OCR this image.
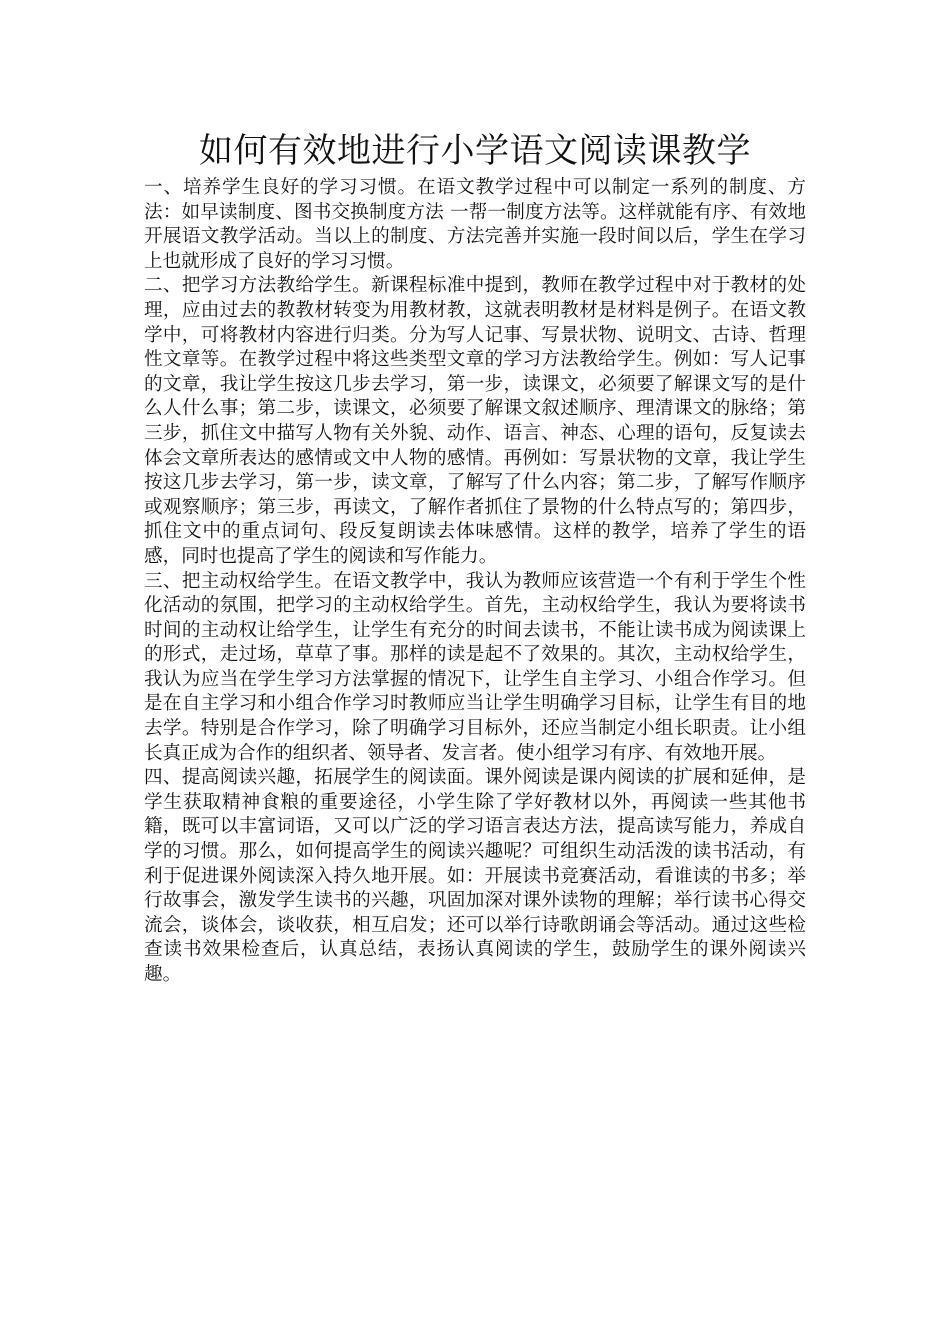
如何有效地进行小学语文阅读课教学

一、培养学生良好的学习习惯。在语文教学过程中可以制定一系列的制度、方法：如早读制度、图书交换制度方法 一帮一制度方法等。这样就能有序、有效地开展语文教学活动。当以上的制度、方法完善并实施一段时间以后，学生在学习上也就形成了良好的学习习惯。

二、把学习方法教给学生。新课程标准中提到，教师在教学过程中对于教材的处理，应由过去的教教材转变为用教材教，这就表明教材是材料是例子。在语文教学中，可将教材内容进行归类。分为写人记事、写景状物、说明文、古诗、哲理性文章等。在教学过程中将这些类型文章的学习方法教给学生。例如：写人记事的文章，我让学生按这几步去学习，第一步，读课文，必须要了解课文写的是什么人什么事；第二步，读课文，必须要了解课文叙述顺序、理清课文的脉络；第三步，抓住文中描写人物有关外貌、动作、语言、神态、心理的语句，反复读去体会文章所表达的感情或文中人物的感情。再例如：写景状物的文章，我让学生按这几步去学习，第一步，读文章，了解写了什么内容；第二步，了解写作顺序或观察顺序；第三步，再读文，了解作者抓住了景物的什么特点写的；第四步，抓住文中的重点词句、段反复朗读去体味感情。这样的教学，培养了学生的语感，同时也提高了学生的阅读和写作能力。

三、把主动权给学生。在语文教学中，我认为教师应该营造一个有利于学生个性化活动的氛围，把学习的主动权给学生。首先，主动权给学生，我认为要将读书时间的主动权让给学生，让学生有充分的时间去读书，不能让读书成为阅读课上的形式，走过场，草草了事。那样的读是起不了效果的。其次，主动权给学生，我认为应当在学生学习方法掌握的情况下，让学生自主学习、小组合作学习。但是在自主学习和小组合作学习时教师应当让学生明确学习目标，让学生有目的地去学。特别是合作学习，除了明确学习目标外，还应当制定小组长职责。让小组长真正成为合作的组织者、领导者、发言者。使小组学习有序、有效地开展。

四、提高阅读兴趣，拓展学生的阅读面。课外阅读是课内阅读的扩展和延伸，是学生获取精神食粮的重要途径，小学生除了学好教材以外，再阅读一些其他书籍，既可以丰富词语，又可以广泛的学习语言表达方法，提高读写能力，养成自学的习惯。那么，如何提高学生的阅读兴趣呢？可组织生动活泼的读书活动，有利于促进课外阅读深入持久地开展。如：开展读书竞赛活动，看谁读的书多；举行故事会，激发学生读书的兴趣，巩固加深对课外读物的理解；举行读书心得交流会，谈体会，谈收获，相互启发；还可以举行诗歌朗诵会等活动。通过这些检查读书效果检查后，认真总结，表扬认真阅读的学生，鼓励学生的课外阅读兴趣。
